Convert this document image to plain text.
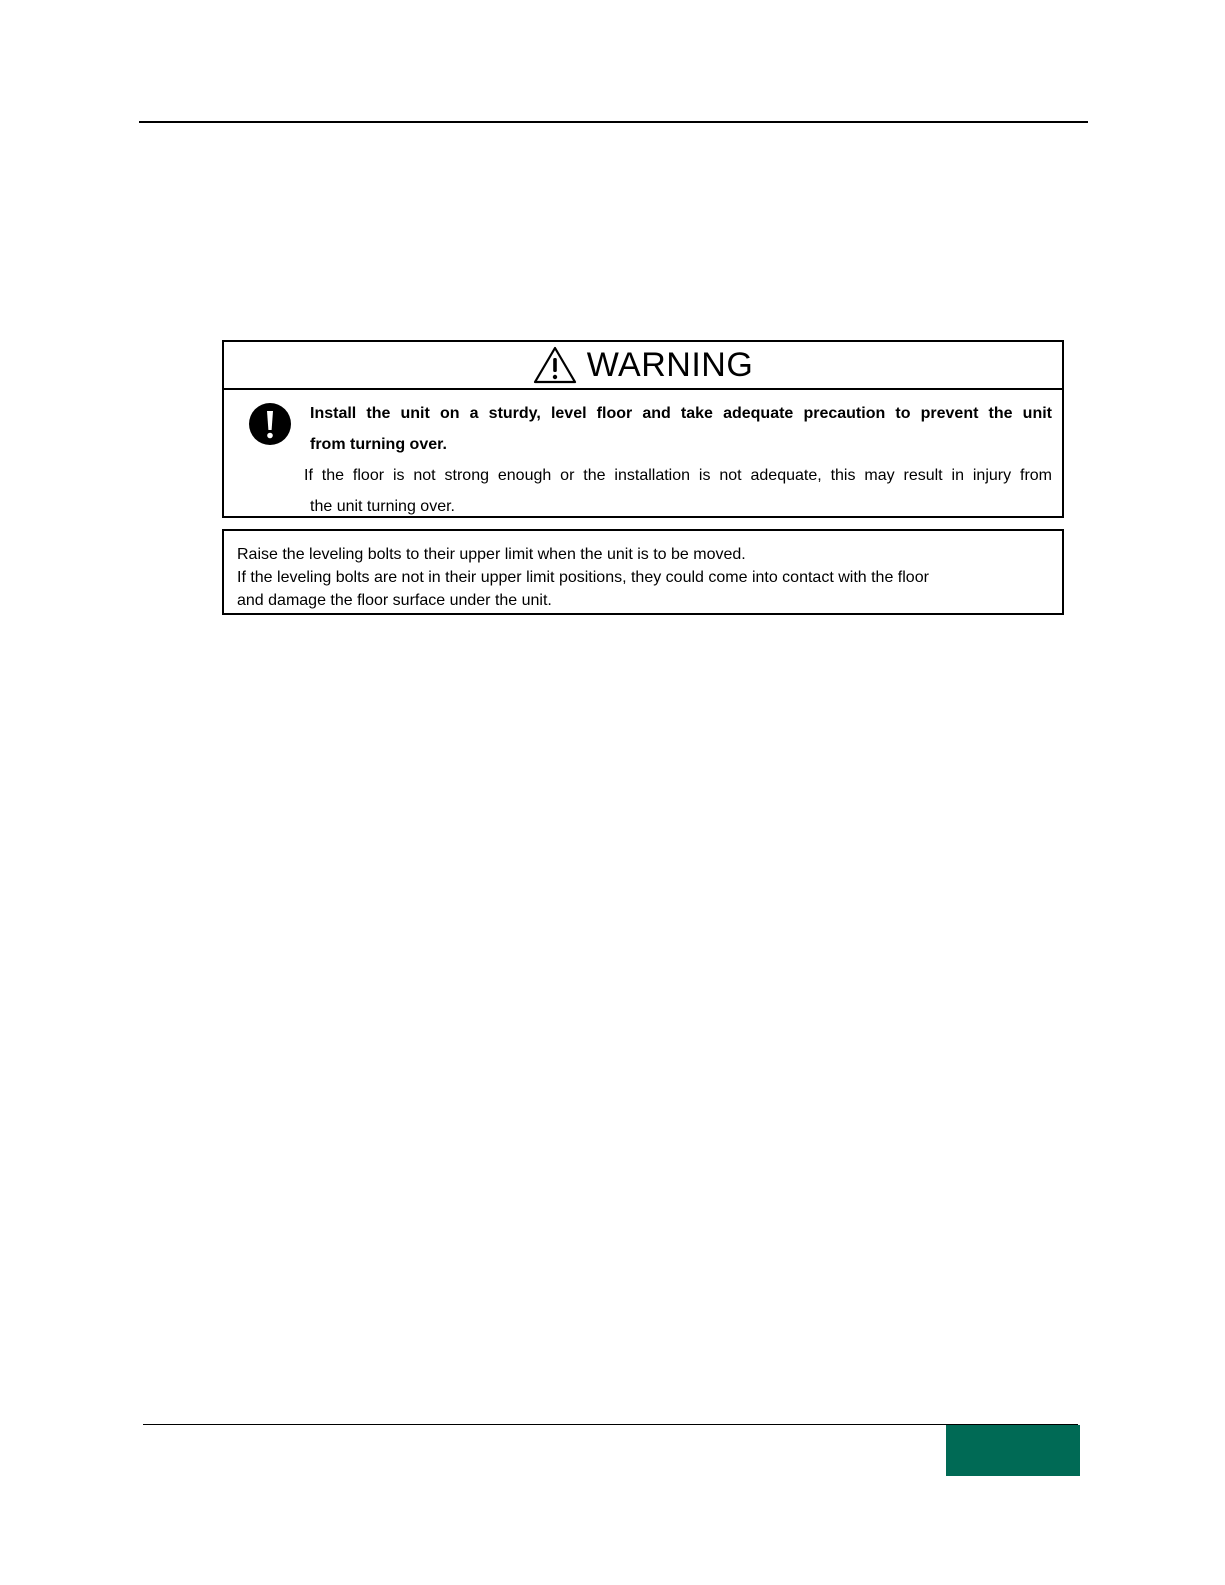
WARNING
Install the unit on a sturdy, level floor and take adequate precaution to prevent the unit
from turning over.
If the floor is not strong enough or the installation is not adequate, this may result in injury from
the unit turning over.
Raise the leveling bolts to their upper limit when the unit is to be moved.
If the leveling bolts are not in their upper limit positions, they could come into contact with the floor
and damage the floor surface under the unit.
